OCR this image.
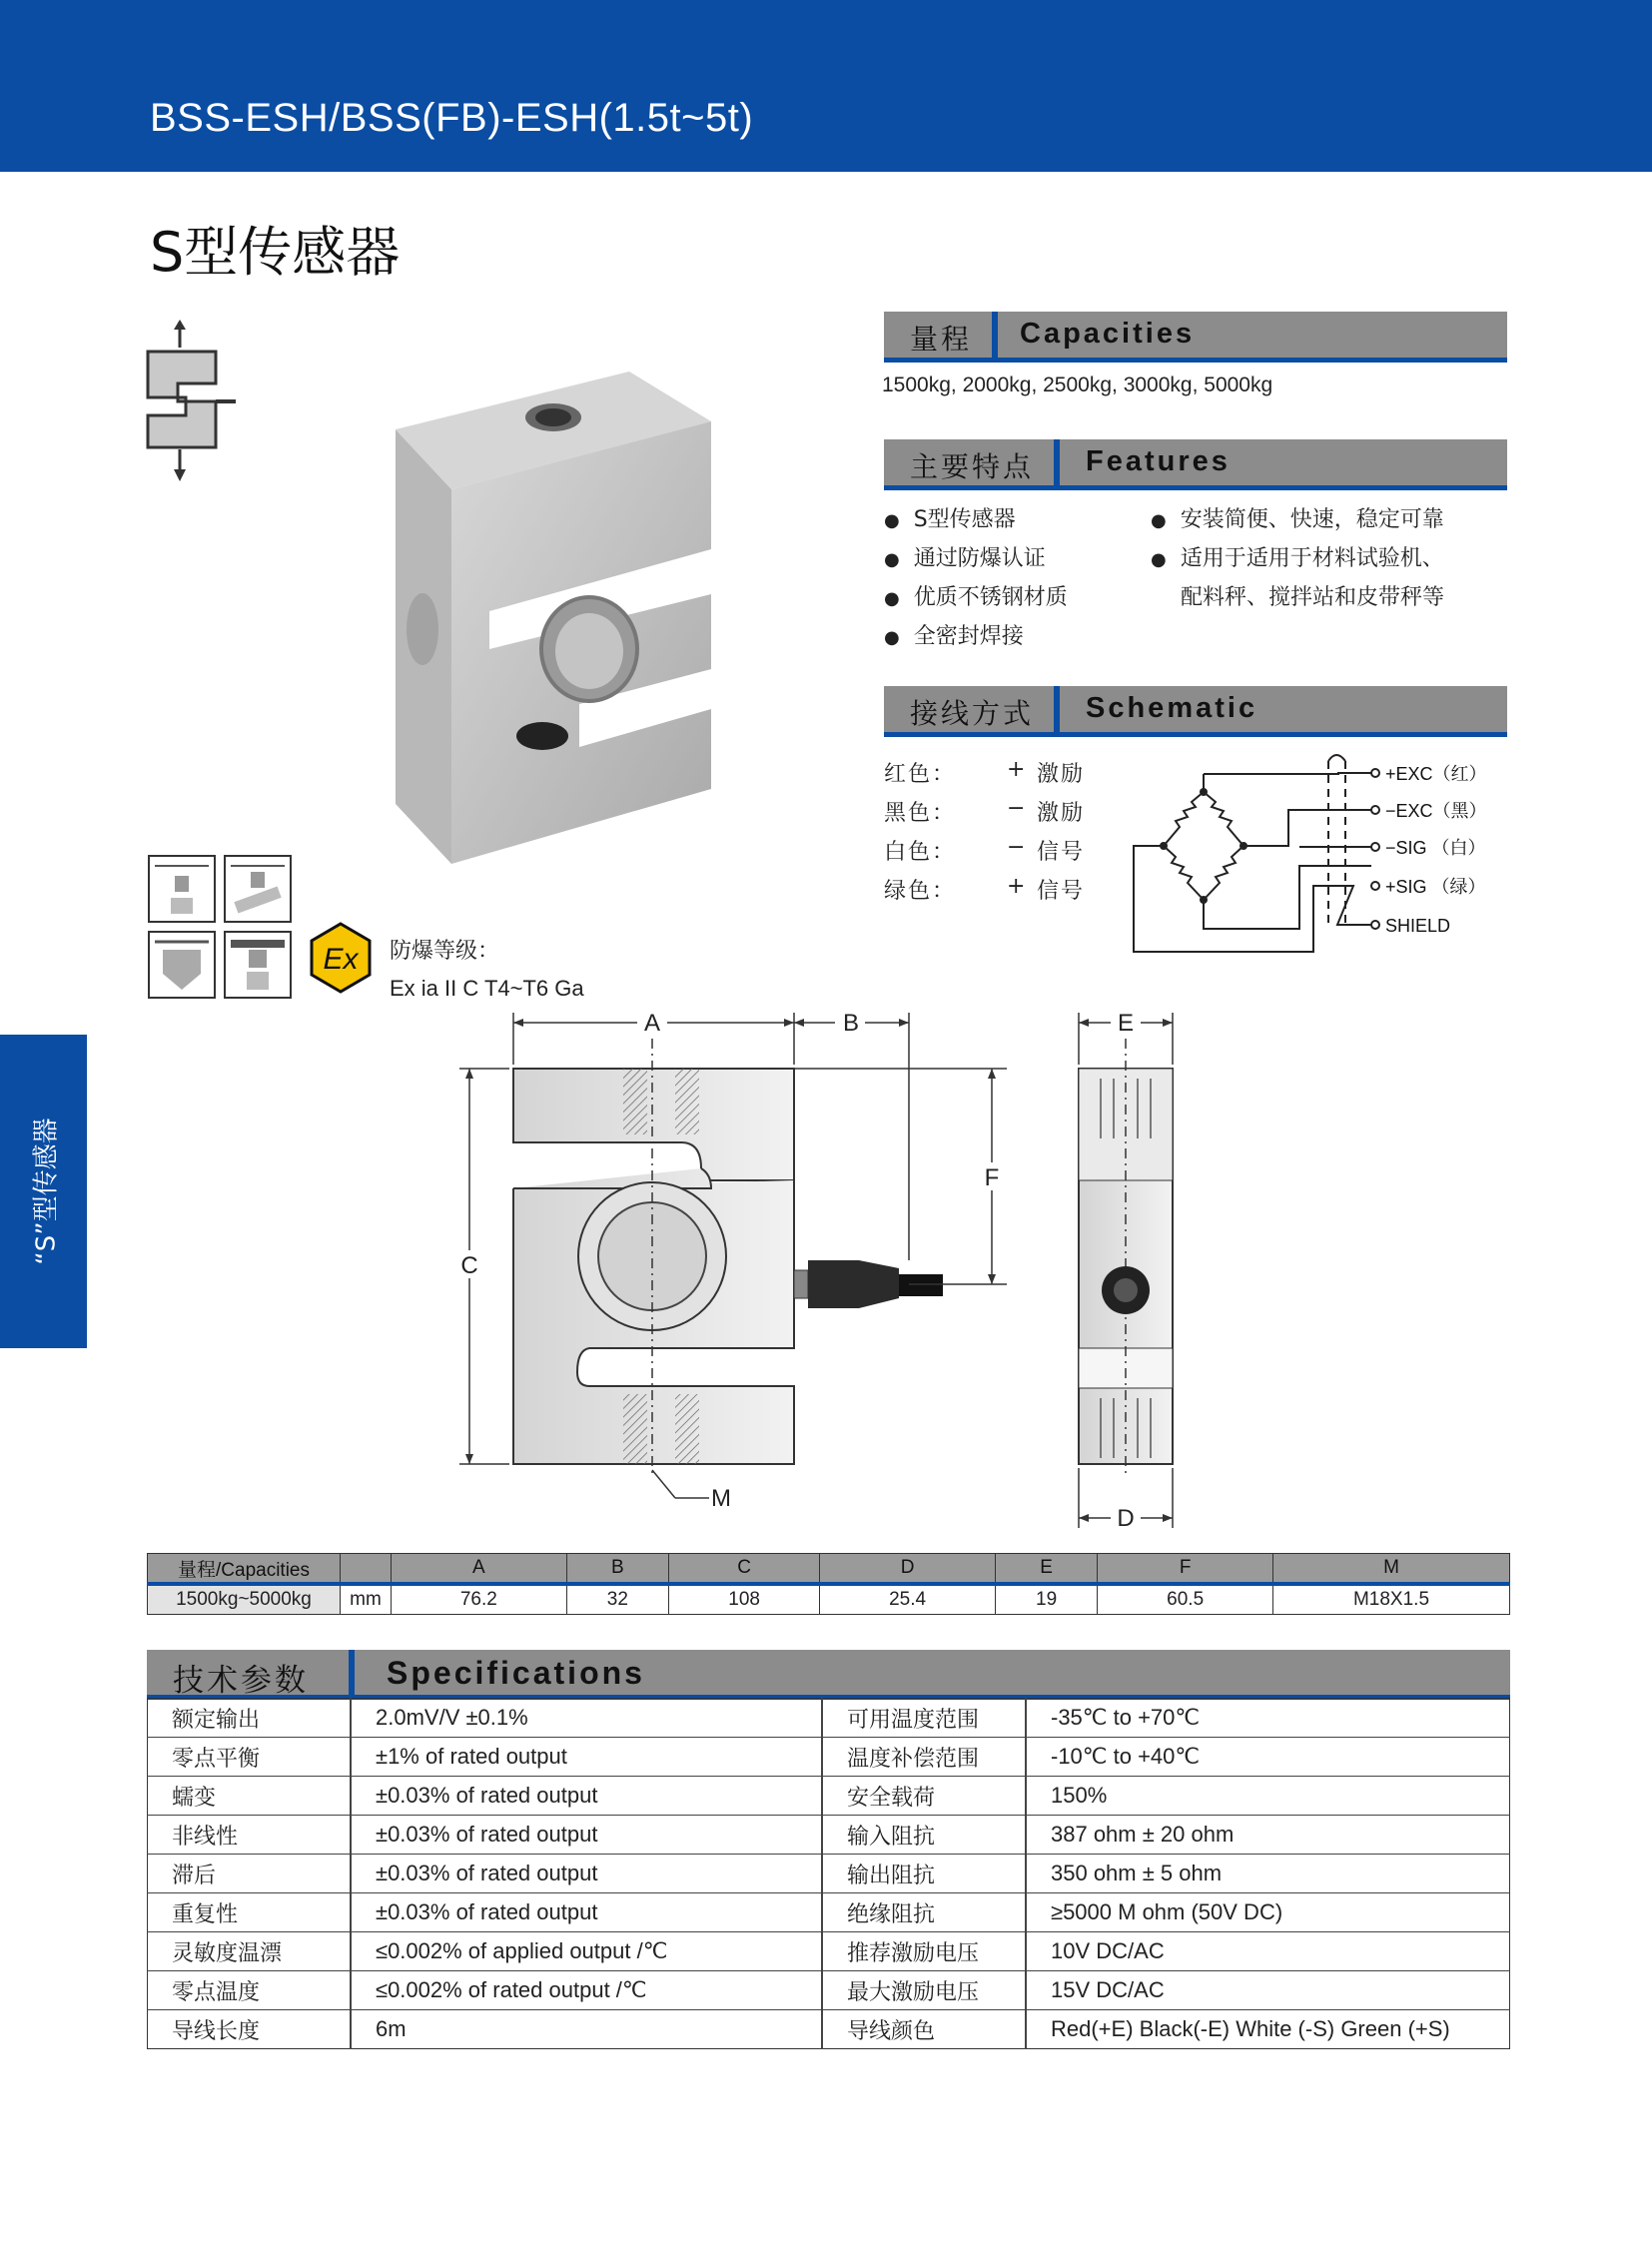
BSS-ESH/BSS(FB)-ESH(1.5t~5t)
S型传感器
“S”型传感器
Ex 防爆等级：
Ex ia II C T4~T6 Ga
量程 Capacities
1500kg, 2000kg, 2500kg, 3000kg, 5000kg
主要特点 Features
● S型传感器
● 通过防爆认证
● 优质不锈钢材质
● 全密封焊接
● 安装简便、快速，稳定可靠
● 适用于适用于材料试验机、
配料秤、搅拌站和皮带秤等
接线方式 Schematic
红色： + 激励
黑色： − 激励
白色： − 信号
绿色： + 信号
+EXC（红）
−EXC（黑）
−SIG （白）
+SIG （绿）
SHIELD
A	B
C
F
M
E
D
量程/Capacities		A	B	C	D	E	F	M
1500kg~5000kg	mm	76.2	32	108	25.4	19	60.5	M18X1.5
技术参数 Specifications
额定输出	2.0mV/V ±0.1%	可用温度范围	-35℃ to +70℃
零点平衡	±1% of rated output	温度补偿范围	-10℃ to +40℃
蠕变	±0.03% of rated output	安全载荷	150%
非线性	±0.03% of rated output	输入阻抗	387 ohm ± 20 ohm
滞后	±0.03% of rated output	输出阻抗	350 ohm ± 5 ohm
重复性	±0.03% of rated output	绝缘阻抗	≥5000 M ohm (50V DC)
灵敏度温漂	≤0.002% of applied output /℃	推荐激励电压	10V DC/AC
零点温度	≤0.002% of rated output /℃	最大激励电压	15V DC/AC
导线长度	6m	导线颜色	Red(+E) Black(-E) White (-S) Green (+S)
